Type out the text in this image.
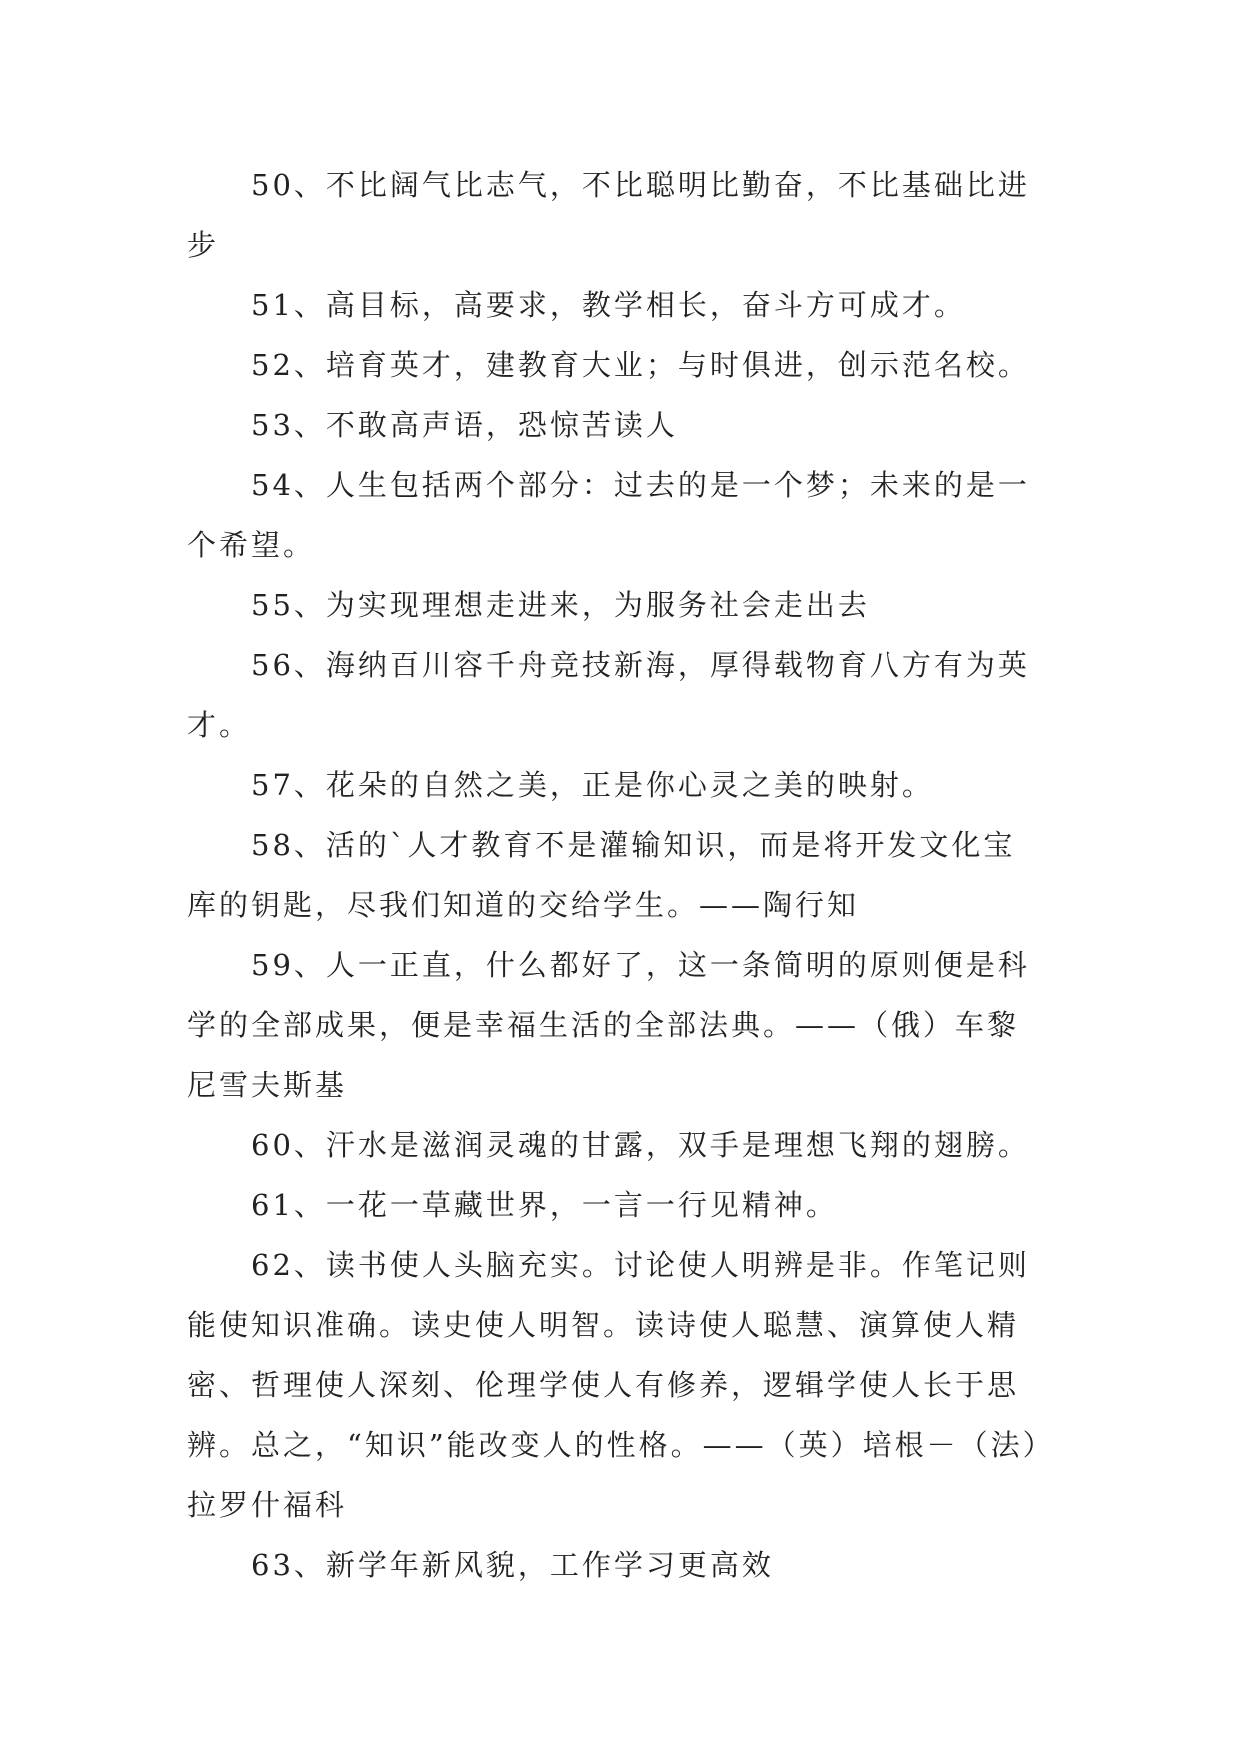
50、不比阔气比志气，不比聪明比勤奋，不比基础比进步

51、高目标，高要求，教学相长，奋斗方可成才。

52、培育英才，建教育大业；与时俱进，创示范名校。

53、不敢高声语，恐惊苦读人

54、人生包括两个部分：过去的是一个梦；未来的是一个希望。

55、为实现理想走进来，为服务社会走出去

56、海纳百川容千舟竞技新海，厚得载物育八方有为英才。

57、花朵的自然之美，正是你心灵之美的映射。

58、活的`人才教育不是灌输知识，而是将开发文化宝库的钥匙，尽我们知道的交给学生。——陶行知

59、人一正直，什么都好了，这一条简明的原则便是科学的全部成果，便是幸福生活的全部法典。——（俄）车黎尼雪夫斯基

60、汗水是滋润灵魂的甘露，双手是理想飞翔的翅膀。

61、一花一草藏世界，一言一行见精神。

62、读书使人头脑充实。讨论使人明辨是非。作笔记则能使知识准确。读史使人明智。读诗使人聪慧、演算使人精密、哲理使人深刻、伦理学使人有修养，逻辑学使人长于思辨。总之，“知识”能改变人的性格。——（英）培根－（法）拉罗什福科

63、新学年新风貌，工作学习更高效
